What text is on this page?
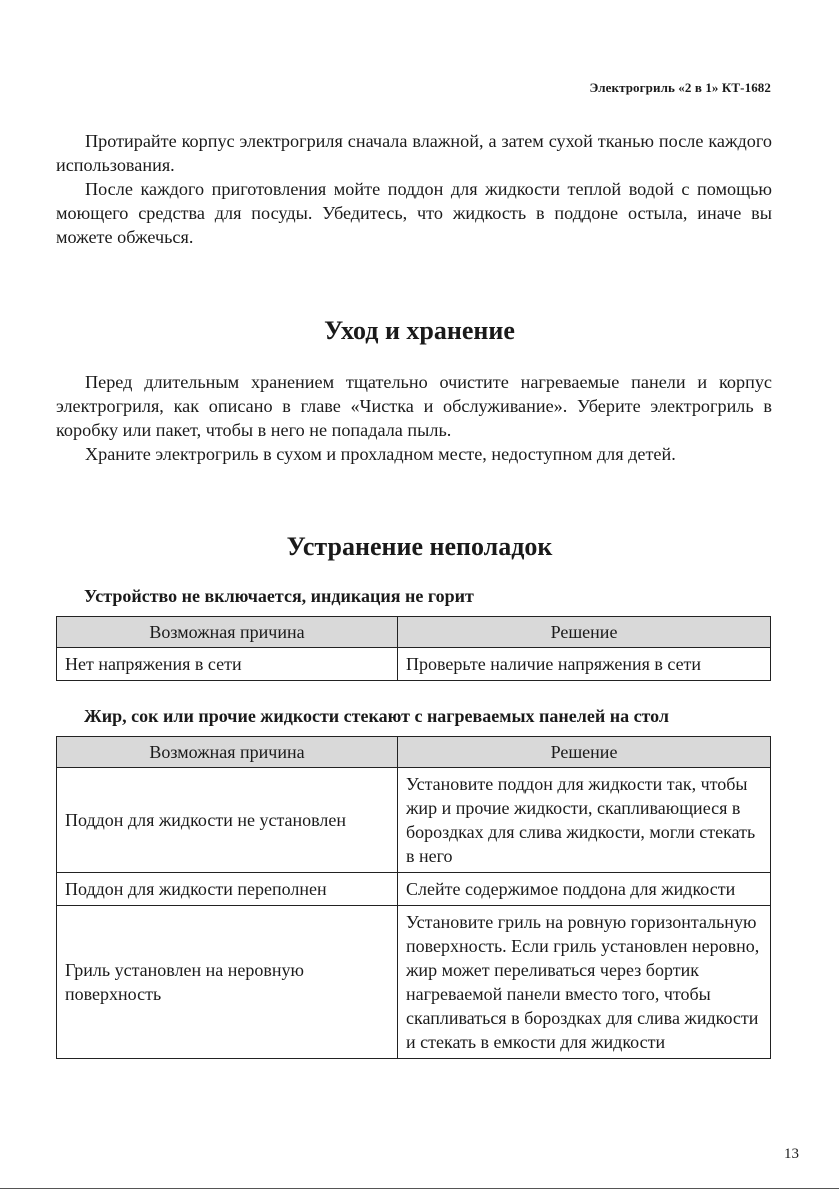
Электрогриль «2 в 1» КТ-1682

Протирайте корпус электрогриля сначала влажной, а затем сухой тканью после каждого использования.

После каждого приготовления мойте поддон для жидкости теплой водой с помощью моющего средства для посуды. Убедитесь, что жидкость в поддоне остыла, иначе вы можете обжечься.

Уход и хранение

Перед длительным хранением тщательно очистите нагреваемые панели и корпус электрогриля, как описано в главе «Чистка и обслуживание». Уберите электрогриль в коробку или пакет, чтобы в него не попадала пыль.

Храните электрогриль в сухом и прохладном месте, недоступном для детей.

Устранение неполадок
Устройство не включается, индикация не горит
Возможная причина	Решение
Нет напряжения в сети	Проверьте наличие напряжения в сети
Жир, сок или прочие жидкости стекают с нагреваемых панелей на стол
Возможная причина	Решение
Поддон для жидкости не установлен	Установите поддон для жидкости так, чтобы жир и прочие жидкости, скапливающиеся в бороздках для слива жидкости, могли стекать в него
Поддон для жидкости переполнен	Слейте содержимое поддона для жидкости
Гриль установлен на неровную поверхность	Установите гриль на ровную горизонтальную поверхность. Если гриль установлен неровно, жир может переливаться через бортик нагреваемой панели вместо того, чтобы скапливаться в бороздках для слива жидкости и стекать в емкости для жидкости
13
